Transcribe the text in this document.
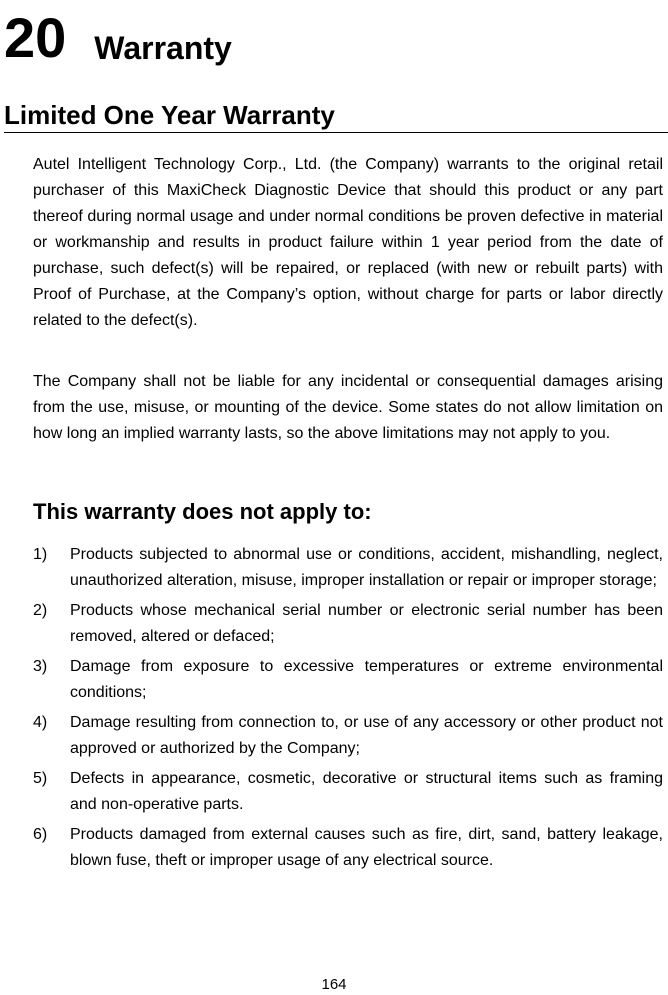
20 Warranty
Limited One Year Warranty

Autel Intelligent Technology Corp., Ltd. (the Company) warrants to the original retail purchaser of this MaxiCheck Diagnostic Device that should this product or any part thereof during normal usage and under normal conditions be proven defective in material or workmanship and results in product failure within 1 year period from the date of purchase, such defect(s) will be repaired, or replaced (with new or rebuilt parts) with Proof of Purchase, at the Company’s option, without charge for parts or labor directly related to the defect(s).

The Company shall not be liable for any incidental or consequential damages arising from the use, misuse, or mounting of the device. Some states do not allow limitation on how long an implied warranty lasts, so the above limitations may not apply to you.

This warranty does not apply to:
1) Products subjected to abnormal use or conditions, accident, mishandling, neglect, unauthorized alteration, misuse, improper installation or repair or improper storage;
2) Products whose mechanical serial number or electronic serial number has been removed, altered or defaced;
3) Damage from exposure to excessive temperatures or extreme environmental conditions;
4) Damage resulting from connection to, or use of any accessory or other product not approved or authorized by the Company;
5) Defects in appearance, cosmetic, decorative or structural items such as framing and non-operative parts.
6) Products damaged from external causes such as fire, dirt, sand, battery leakage, blown fuse, theft or improper usage of any electrical source.
164
